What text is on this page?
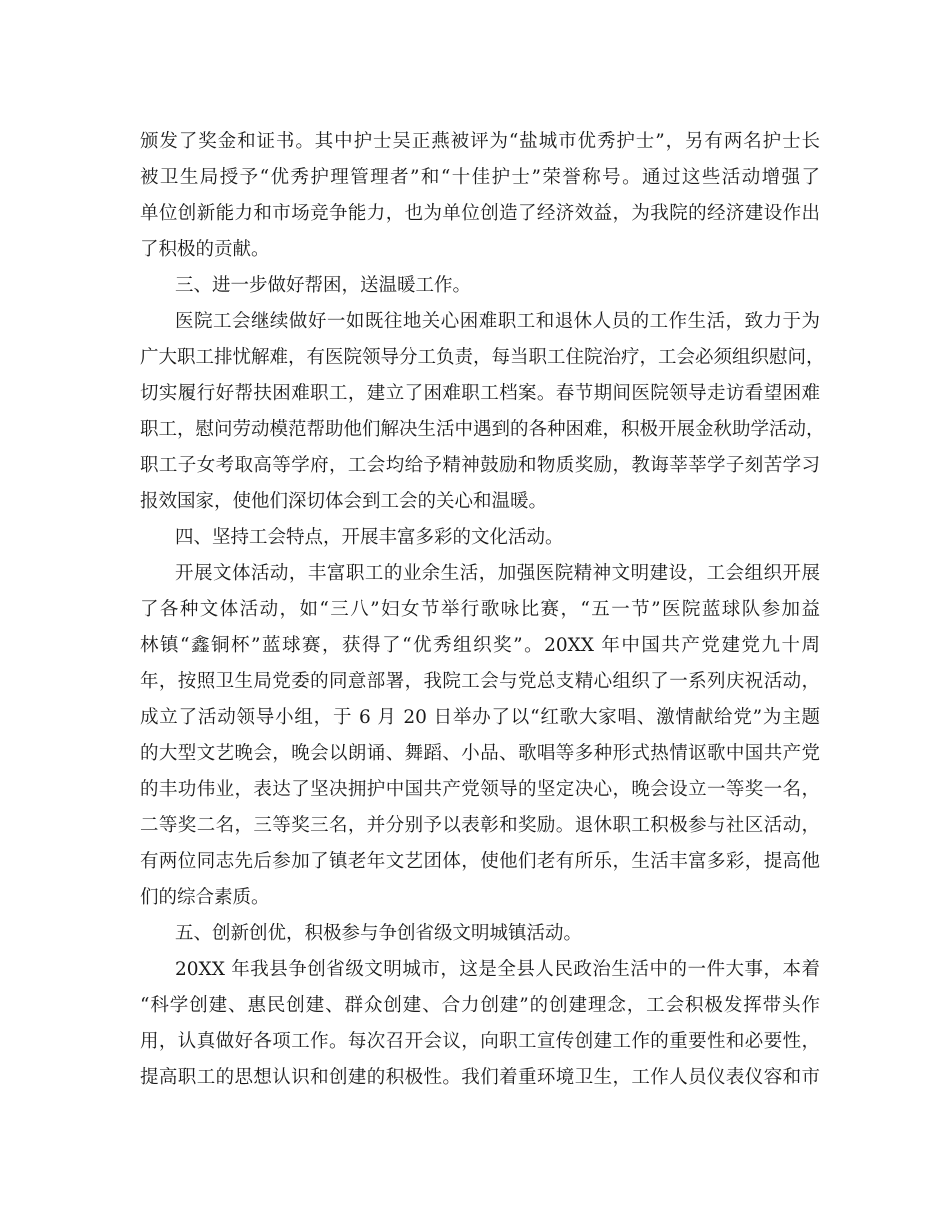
颁发了奖金和证书。其中护士吴正燕被评为“盐城市优秀护士”，另有两名护士长
被卫生局授予“优秀护理管理者”和“十佳护士”荣誉称号。通过这些活动增强了
单位创新能力和市场竞争能力，也为单位创造了经济效益，为我院的经济建设作出
了积极的贡献。
三、进一步做好帮困，送温暖工作。
医院工会继续做好一如既往地关心困难职工和退休人员的工作生活，致力于为
广大职工排忧解难，有医院领导分工负责，每当职工住院治疗，工会必须组织慰问，
切实履行好帮扶困难职工，建立了困难职工档案。春节期间医院领导走访看望困难
职工，慰问劳动模范帮助他们解决生活中遇到的各种困难，积极开展金秋助学活动，
职工子女考取高等学府，工会均给予精神鼓励和物质奖励，教诲莘莘学子刻苦学习
报效国家，使他们深切体会到工会的关心和温暖。
四、坚持工会特点，开展丰富多彩的文化活动。
开展文体活动，丰富职工的业余生活，加强医院精神文明建设，工会组织开展
了各种文体活动，如“三八”妇女节举行歌咏比赛，“五一节”医院蓝球队参加益
林镇“鑫铜杯”蓝球赛，获得了“优秀组织奖”。20XX 年中国共产党建党九十周
年，按照卫生局党委的同意部署，我院工会与党总支精心组织了一系列庆祝活动，
成立了活动领导小组，于 6 月 20 日举办了以“红歌大家唱、激情献给党”为主题
的大型文艺晚会，晚会以朗诵、舞蹈、小品、歌唱等多种形式热情讴歌中国共产党
的丰功伟业，表达了坚决拥护中国共产党领导的坚定决心，晚会设立一等奖一名，
二等奖二名，三等奖三名，并分别予以表彰和奖励。退休职工积极参与社区活动，
有两位同志先后参加了镇老年文艺团体，使他们老有所乐，生活丰富多彩，提高他
们的综合素质。
五、创新创优，积极参与争创省级文明城镇活动。
20XX 年我县争创省级文明城市，这是全县人民政治生活中的一件大事，本着
“科学创建、惠民创建、群众创建、合力创建”的创建理念，工会积极发挥带头作
用，认真做好各项工作。每次召开会议，向职工宣传创建工作的重要性和必要性，
提高职工的思想认识和创建的积极性。我们着重环境卫生，工作人员仪表仪容和市
